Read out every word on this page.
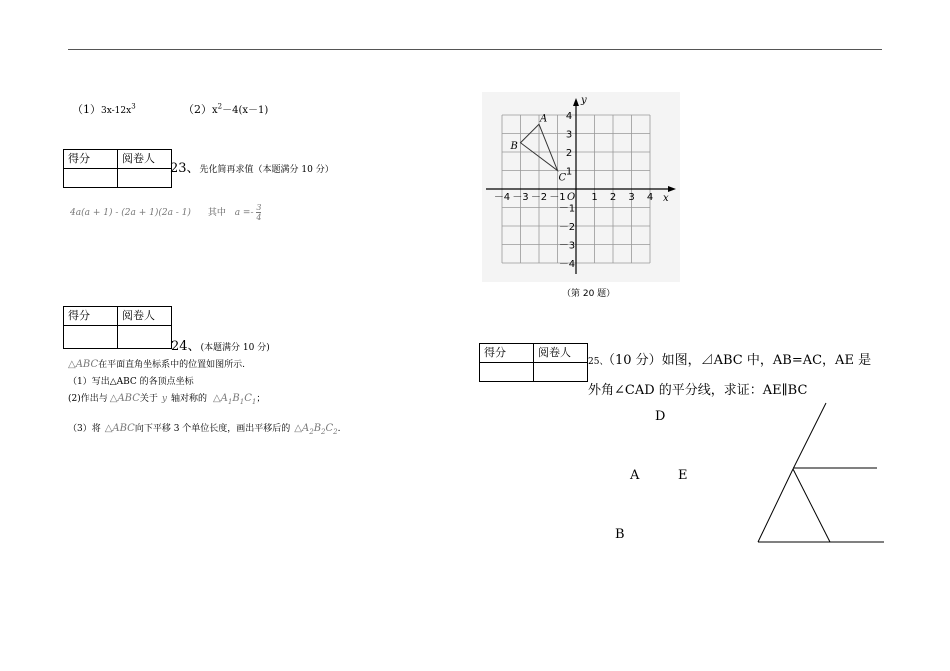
$(1)3x-12x^3$	$(2)x^2-4(x-1)$
得分	阅卷人

23、先化简再求值（本题满分 10 分）
4a(a + 1) - (2a + 1)(2a - 1) 其中 $a =- \frac{3}{4}$
得分	阅卷人

24、(本题满分 10 分)
△ABC在平面直角坐标系中的位置如图所示.
（1）写出△ABC 的各顶点坐标
(2)作出与 △ABC关于 y 轴对称的 $\triangle A_1B_1C_1$；
（3）将 △ABC向下平移 3 个单位长度，画出平移后的 $\triangle A_2B_2C_2$.
－4 －3 －2 －1	1 2 3 4
1
2
3
4
－1
－2
－3
－4
A
B
C
x
y
O
（第 20 题）
得分	阅卷人

25、（10 分）如图，⊿ABC 中，AB=AC，AE 是
外角∠CAD 的平分线，求证：AE∥BC
D
A	E
B
